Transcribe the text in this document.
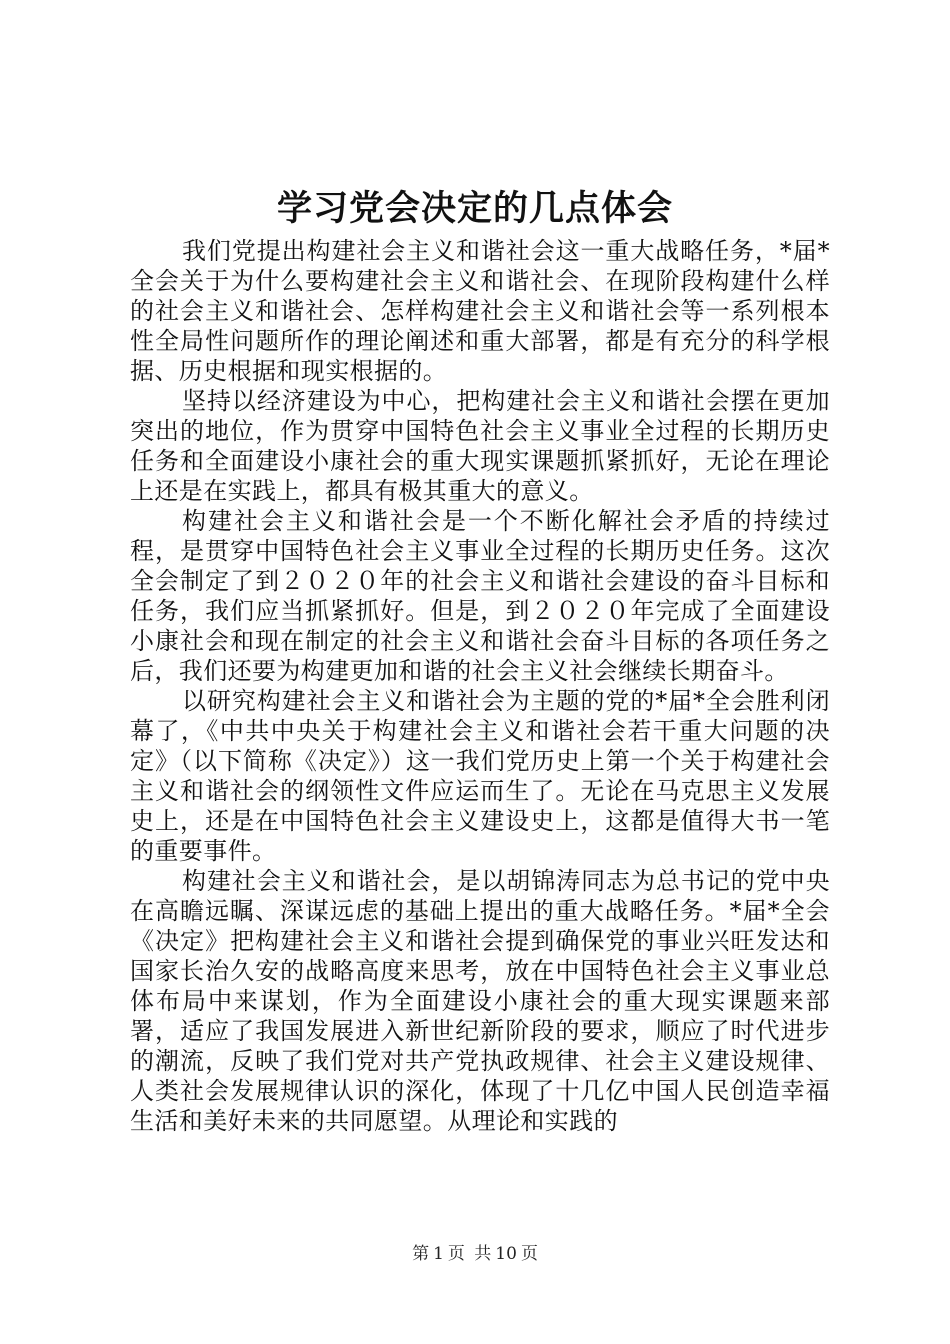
学习党会决定的几点体会

我们党提出构建社会主义和谐社会这一重大战略任务，*届*全会关于为什么要构建社会主义和谐社会、在现阶段构建什么样的社会主义和谐社会、怎样构建社会主义和谐社会等一系列根本性全局性问题所作的理论阐述和重大部署，都是有充分的科学根据、历史根据和现实根据的。

坚持以经济建设为中心，把构建社会主义和谐社会摆在更加突出的地位，作为贯穿中国特色社会主义事业全过程的长期历史任务和全面建设小康社会的重大现实课题抓紧抓好，无论在理论上还是在实践上，都具有极其重大的意义。

构建社会主义和谐社会是一个不断化解社会矛盾的持续过程，是贯穿中国特色社会主义事业全过程的长期历史任务。这次全会制定了到２０２０年的社会主义和谐社会建设的奋斗目标和任务，我们应当抓紧抓好。但是，到２０２０年完成了全面建设小康社会和现在制定的社会主义和谐社会奋斗目标的各项任务之后，我们还要为构建更加和谐的社会主义社会继续长期奋斗。

以研究构建社会主义和谐社会为主题的党的*届*全会胜利闭幕了，《中共中央关于构建社会主义和谐社会若干重大问题的决定》（以下简称《决定》）这一我们党历史上第一个关于构建社会主义和谐社会的纲领性文件应运而生了。无论在马克思主义发展史上，还是在中国特色社会主义建设史上，这都是值得大书一笔的重要事件。

构建社会主义和谐社会，是以胡锦涛同志为总书记的党中央在高瞻远瞩、深谋远虑的基础上提出的重大战略任务。*届*全会《决定》把构建社会主义和谐社会提到确保党的事业兴旺发达和国家长治久安的战略高度来思考，放在中国特色社会主义事业总体布局中来谋划，作为全面建设小康社会的重大现实课题来部署，适应了我国发展进入新世纪新阶段的要求，顺应了时代进步的潮流，反映了我们党对共产党执政规律、社会主义建设规律、人类社会发展规律认识的深化，体现了十几亿中国人民创造幸福生活和美好未来的共同愿望。从理论和实践的

第 1 页 共 10 页
